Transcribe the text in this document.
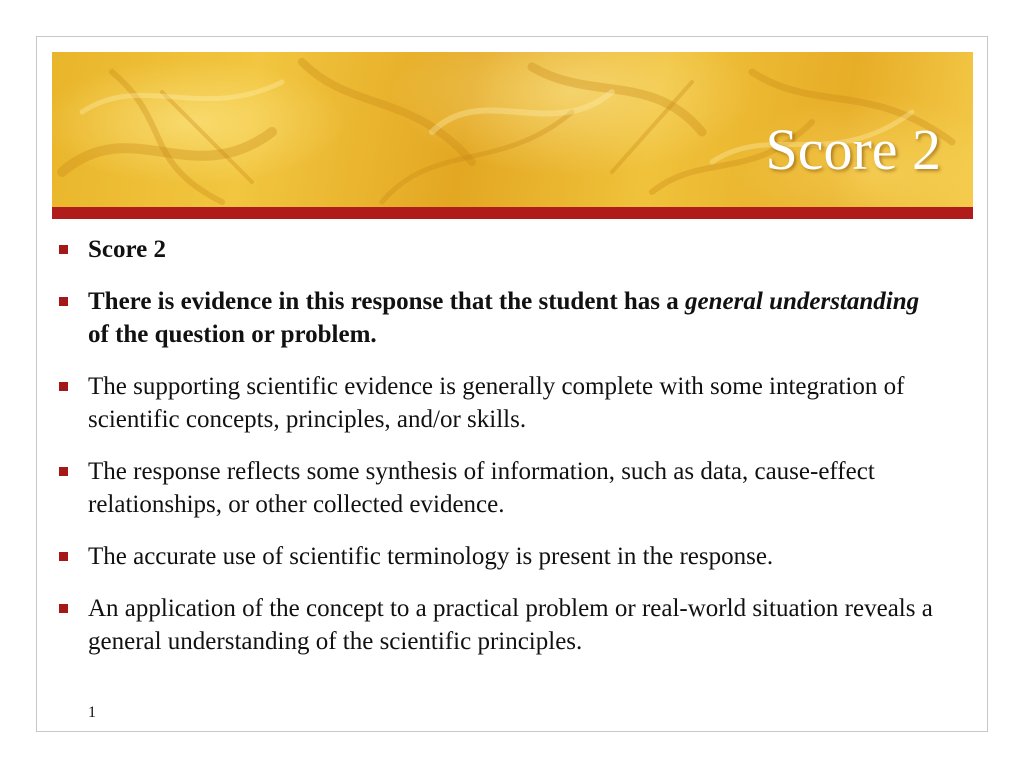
Score 2
Score 2
There is evidence in this response that the student has a general understanding of the question or problem.
The supporting scientific evidence is generally complete with some integration of scientific concepts, principles, and/or skills.
The response reflects some synthesis of information, such as data, cause-effect relationships, or other collected evidence.
The accurate use of scientific terminology is present in the response.
An application of the concept to a practical problem or real-world situation reveals a general understanding of the scientific principles.
1
